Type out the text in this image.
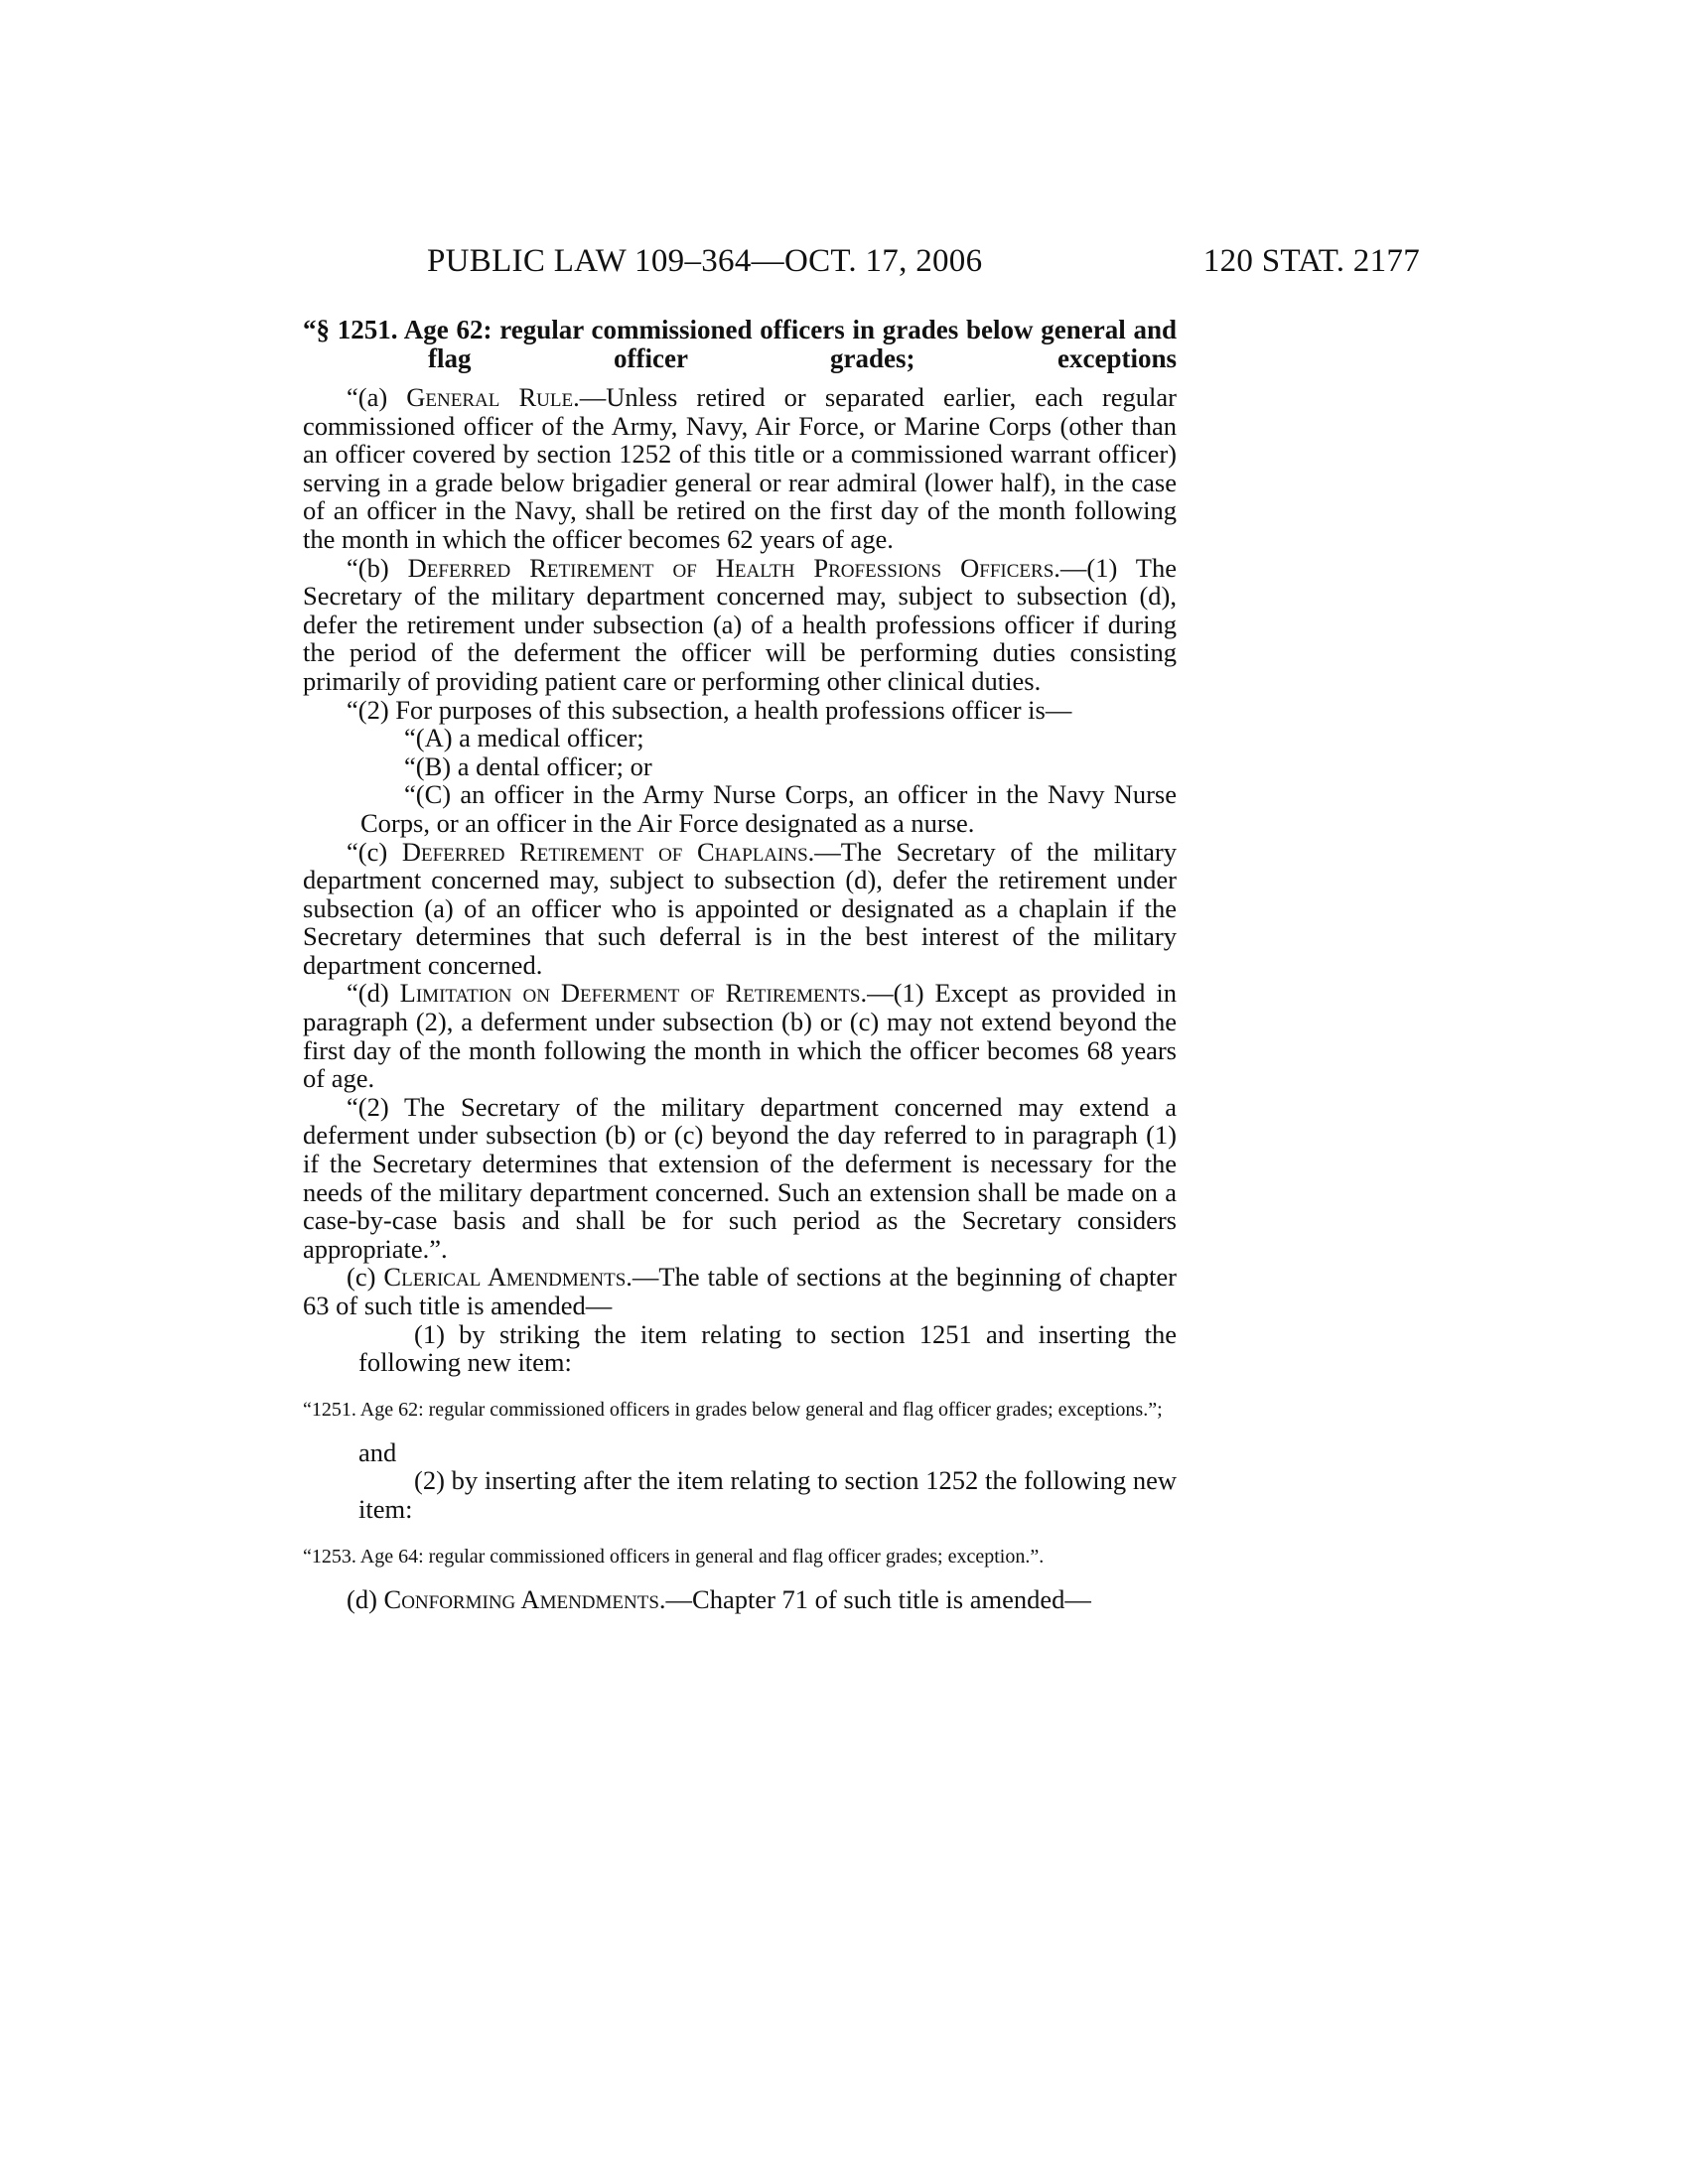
PUBLIC LAW 109–364—OCT. 17, 2006	120 STAT. 2177
“§ 1251. Age 62: regular commissioned officers in grades below general and flag officer grades; exceptions

“(a) General Rule.—Unless retired or separated earlier, each regular commissioned officer of the Army, Navy, Air Force, or Marine Corps (other than an officer covered by section 1252 of this title or a commissioned warrant officer) serving in a grade below brigadier general or rear admiral (lower half), in the case of an officer in the Navy, shall be retired on the first day of the month following the month in which the officer becomes 62 years of age.

“(b) Deferred Retirement of Health Professions Officers.—(1) The Secretary of the military department concerned may, subject to subsection (d), defer the retirement under subsection (a) of a health professions officer if during the period of the deferment the officer will be performing duties consisting primarily of providing patient care or performing other clinical duties.

“(2) For purposes of this subsection, a health professions officer is—

“(A) a medical officer;

“(B) a dental officer; or

“(C) an officer in the Army Nurse Corps, an officer in the Navy Nurse Corps, or an officer in the Air Force designated as a nurse.

“(c) Deferred Retirement of Chaplains.—The Secretary of the military department concerned may, subject to subsection (d), defer the retirement under subsection (a) of an officer who is appointed or designated as a chaplain if the Secretary determines that such deferral is in the best interest of the military department concerned.

“(d) Limitation on Deferment of Retirements.—(1) Except as provided in paragraph (2), a deferment under subsection (b) or (c) may not extend beyond the first day of the month following the month in which the officer becomes 68 years of age.

“(2) The Secretary of the military department concerned may extend a deferment under subsection (b) or (c) beyond the day referred to in paragraph (1) if the Secretary determines that extension of the deferment is necessary for the needs of the military department concerned. Such an extension shall be made on a case-by-case basis and shall be for such period as the Secretary considers appropriate.”.

(c) Clerical Amendments.—The table of sections at the beginning of chapter 63 of such title is amended—

(1) by striking the item relating to section 1251 and inserting the following new item:

“1251. Age 62: regular commissioned officers in grades below general and flag officer grades; exceptions.”;

and

(2) by inserting after the item relating to section 1252 the following new item:

“1253. Age 64: regular commissioned officers in general and flag officer grades; exception.”.

(d) Conforming Amendments.—Chapter 71 of such title is amended—
